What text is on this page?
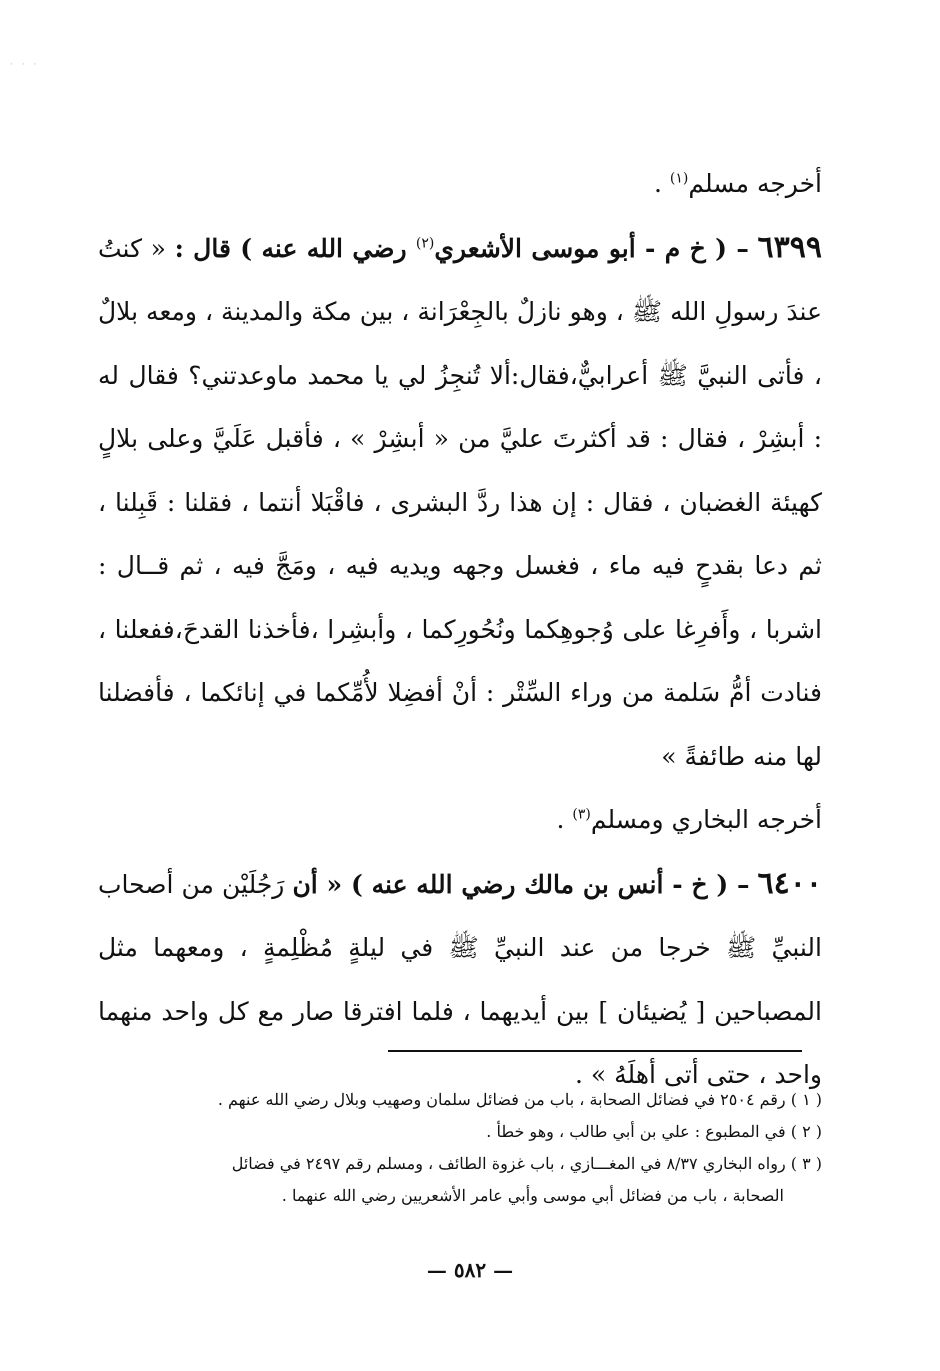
· · ·

أخرجه مسلم$^{(١)}$ .

٦٣٩٩ – ( خ م - أبو موسى الأشعري$^{(٢)}$ رضي الله عنه ) قال : « كنتُ عندَ رسولِ الله ﷺ ، وهو نازلٌ بالجِعْرَانة ، بين مكة والمدينة ، ومعه بلالٌ ، فأتى النبيَّ ﷺ أعرابيٌّ،فقال:ألا تُنجِزُ لي يا محمد ماوعدتني؟ فقال له : أبشِرْ ، فقال : قد أكثرتَ عليَّ من « أبشِرْ » ، فأقبل عَلَيَّ وعلى بلالٍ كهيئة الغضبان ، فقال : إن هذا ردَّ البشرى ، فاقْبَلا أنتما ، فقلنا : قَبِلنا ، ثم دعا بقدحٍ فيه ماء ، فغسل وجهه ويديه فيه ، ومَجَّ فيه ، ثم قــال : اشربا ، وأَفرِغا على وُجوهِكما ونُحُورِكما ، وأبشِرا ،فأخذنا القدحَ،ففعلنا ، فنادت أمُّ سَلمة من وراء السِّتْر : أنْ أفضِلا لأُمِّكما في إنائكما ، فأفضلنا لها منه طائفةً »

أخرجه البخاري ومسلم$^{(٣)}$ .

٦٤٠٠ – ( خ - أنس بن مالك رضي الله عنه ) « أن رَجُلَيْن من أصحاب النبيِّ ﷺ خرجا من عند النبيِّ ﷺ في ليلةٍ مُظْلِمةٍ ، ومعهما مثل المصباحين [ يُضيئان ] بين أيديهما ، فلما افترقا صار مع كل واحد منهما واحد ، حتى أتى أهلَهُ » .

( ١ ) رقم ٢٥٠٤ في فضائل الصحابة ، باب من فضائل سلمان وصهيب وبلال رضي الله عنهم .

( ٢ ) في المطبوع : علي بن أبي طالب ، وهو خطأ .

( ٣ ) رواه البخاري ٨/٣٧ في المغـــازي ، باب غزوة الطائف ، ومسلم رقم ٢٤٩٧ في فضائل

الصحابة ، باب من فضائل أبي موسى وأبي عامر الأشعريين رضي الله عنهما .

— ٥٨٢ —
